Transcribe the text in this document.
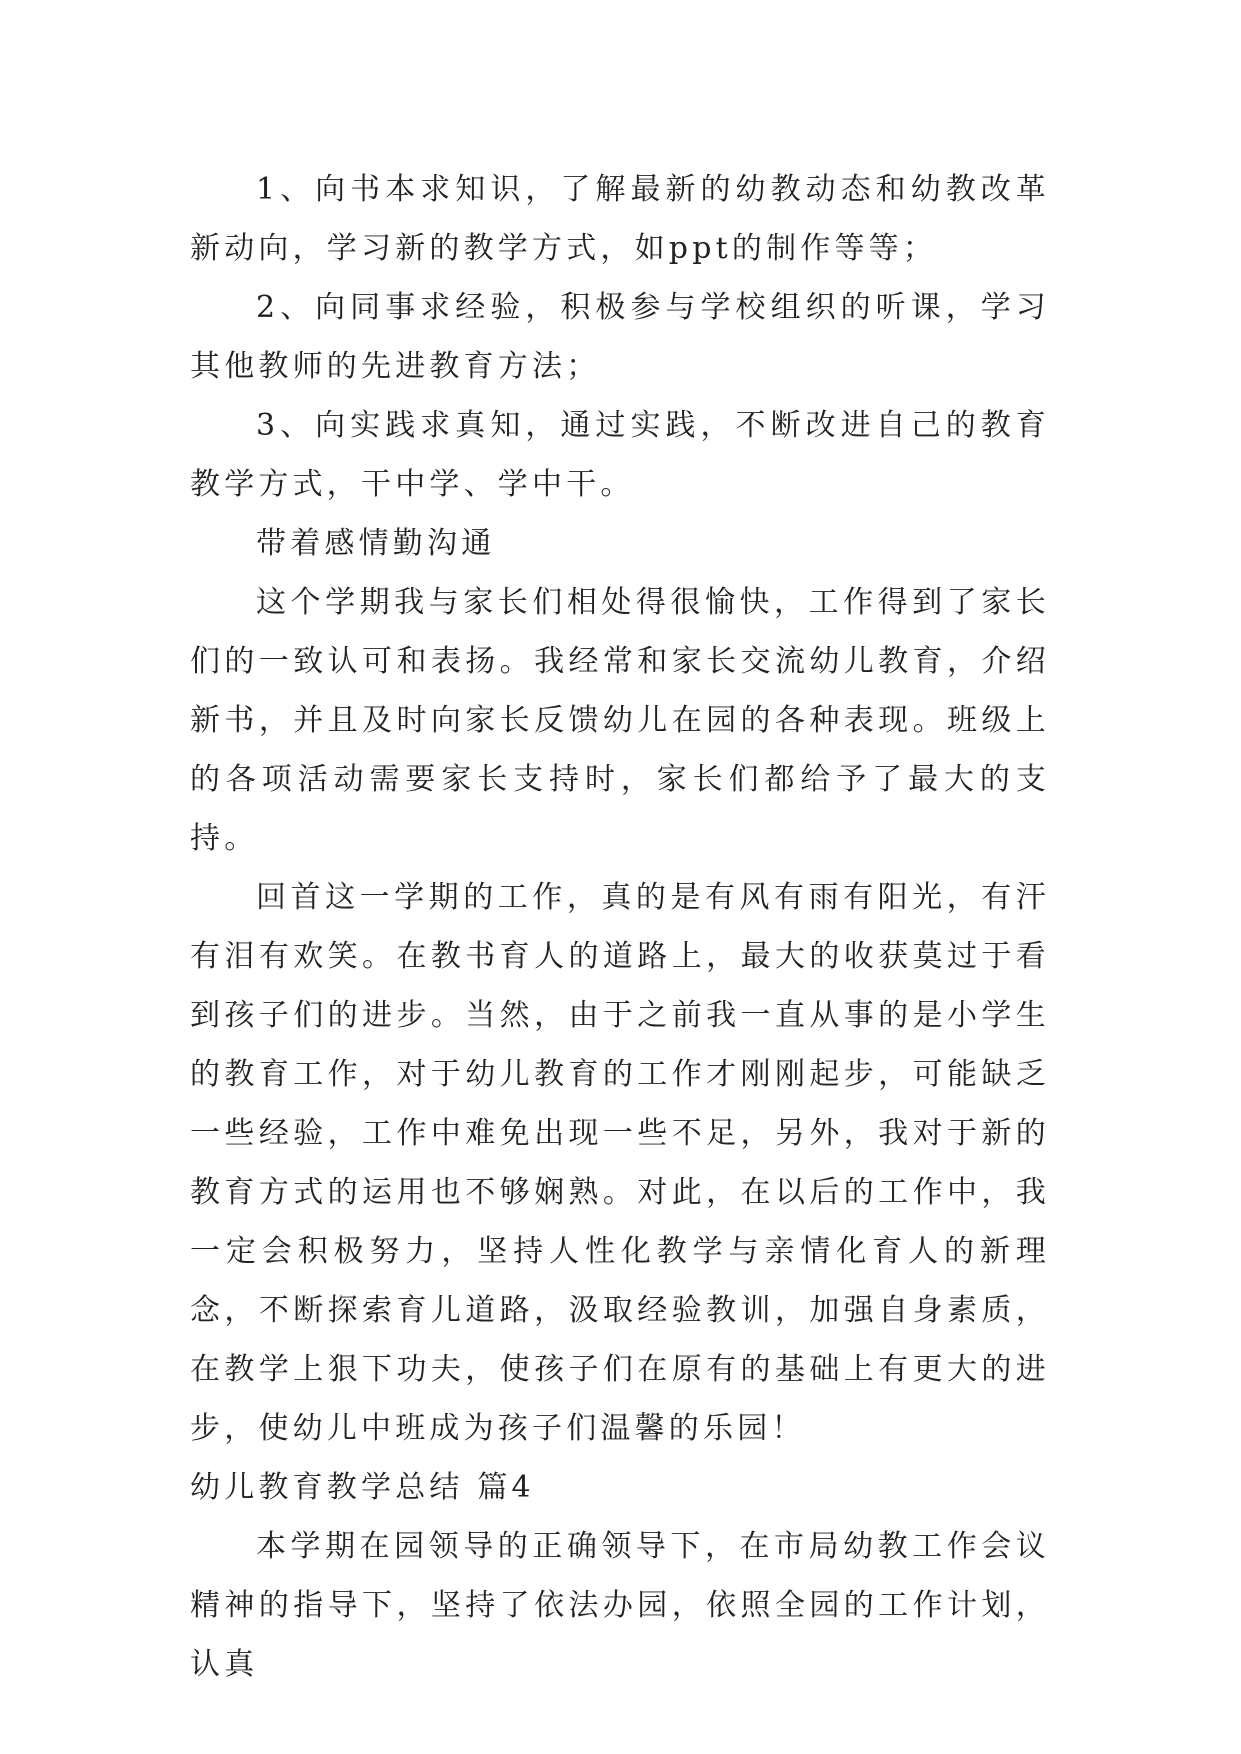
1、向书本求知识，了解最新的幼教动态和幼教改革新动向，学习新的教学方式，如ppt的制作等等；

2、向同事求经验，积极参与学校组织的听课，学习其他教师的先进教育方法；

3、向实践求真知，通过实践，不断改进自己的教育教学方式，干中学、学中干。

带着感情勤沟通

这个学期我与家长们相处得很愉快，工作得到了家长们的一致认可和表扬。我经常和家长交流幼儿教育，介绍新书，并且及时向家长反馈幼儿在园的各种表现。班级上的各项活动需要家长支持时，家长们都给予了最大的支持。

回首这一学期的工作，真的是有风有雨有阳光，有汗有泪有欢笑。在教书育人的道路上，最大的收获莫过于看到孩子们的进步。当然，由于之前我一直从事的是小学生的教育工作，对于幼儿教育的工作才刚刚起步，可能缺乏一些经验，工作中难免出现一些不足，另外，我对于新的教育方式的运用也不够娴熟。对此，在以后的工作中，我一定会积极努力，坚持人性化教学与亲情化育人的新理念，不断探索育儿道路，汲取经验教训，加强自身素质，在教学上狠下功夫，使孩子们在原有的基础上有更大的进步，使幼儿中班成为孩子们温馨的乐园！

幼儿教育教学总结 篇4

本学期在园领导的正确领导下，在市局幼教工作会议精神的指导下，坚持了依法办园，依照全园的工作计划，认真
